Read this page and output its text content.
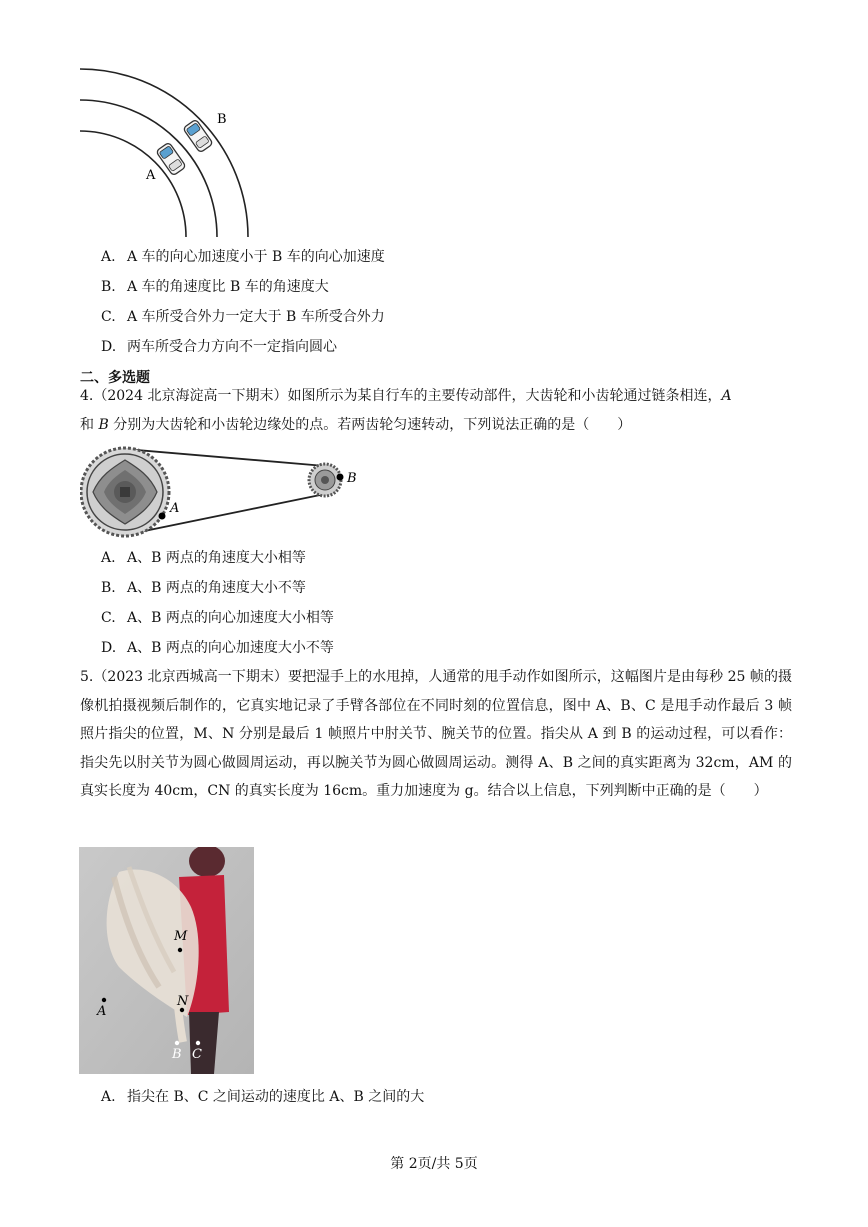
A
B
A. A 车的向心加速度小于 B 车的向心加速度
B. A 车的角速度比 B 车的角速度大
C. A 车所受合外力一定大于 B 车所受合外力
D. 两车所受合力方向不一定指向圆心
二、多选题
4.（2024 北京海淀高一下期末）如图所示为某自行车的主要传动部件，大齿轮和小齿轮通过链条相连，A
和 B 分别为大齿轮和小齿轮边缘处的点。若两齿轮匀速转动，下列说法正确的是（　　）
A
B
A. A、B 两点的角速度大小相等
B. A、B 两点的角速度大小不等
C. A、B 两点的向心加速度大小相等
D. A、B 两点的向心加速度大小不等
5.（2023 北京西城高一下期末）要把湿手上的水甩掉，人通常的甩手动作如图所示，这幅图片是由每秒 25 帧的摄像机拍摄视频后制作的，它真实地记录了手臂各部位在不同时刻的位置信息，图中 A、B、C 是甩手动作最后 3 帧照片指尖的位置，M、N 分别是最后 1 帧照片中肘关节、腕关节的位置。指尖从 A 到 B 的运动过程，可以看作：指尖先以肘关节为圆心做圆周运动，再以腕关节为圆心做圆周运动。测得 A、B 之间的真实距离为 32cm，AM 的真实长度为 40cm，CN 的真实长度为 16cm。重力加速度为 g。结合以上信息，下列判断中正确的是（　　）
M
N
A
B C
A. 指尖在 B、C 之间运动的速度比 A、B 之间的大
第 2页/共 5页
